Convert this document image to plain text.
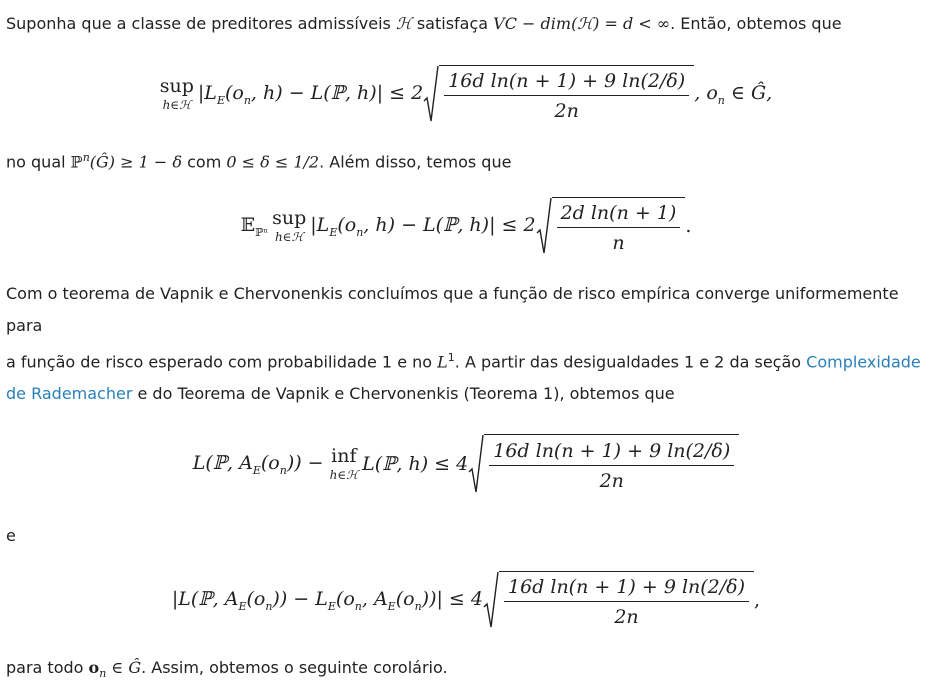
Suponha que a classe de preditores admissíveis ℋ satisfaça VC − dim(ℋ) = d < ∞. Então, obtemos que
sup
h∈ℋ
$|L_E(o_n$, h) − L(ℙ, $h)| \le 2 \frac{\text{16d ln(n + 1) + 9 ln(2/δ)}}{2n}$ , $o_n$ ∈ Ĝ,
no qual ℙ$^n$(Ĝ) ≥ 1 − δ com 0 ≤ δ ≤ 1/2. Além disso, temos que
𝔼$_{ℙ^n}$
sup
h∈ℋ
$|L_E(o_n$, h) − L(ℙ, $h)| \le 2 \frac{\text{2d ln(n + 1)}}{n}$ .
Com o teorema de Vapnik e Chervonenkis concluímos que a função de risco empírica converge uniformemente para
a função de risco esperado com probabilidade 1 e no $L^1$. A partir das desigualdades 1 e 2 da seção Complexidade de Rademacher e do Teorema de Vapnik e Chervonenkis (Teorema 1), obtemos que
L(ℙ, $A_E(o_n)$) − inf
h∈ℋ L(ℙ, $h) \le 4 \frac{\text{16d ln(n + 1) + 9 ln(2/δ)}}{2n}$
e
|L(ℙ, $A_E(o_n)) - L_E(o_n$, $A_E(o_n))| \le 4 \frac{\text{16d ln(n + 1) + 9 ln(2/δ)}}{2n}$ ,
para todo $o_n$ ∈ Ĝ. Assim, obtemos o seguinte corolário.
